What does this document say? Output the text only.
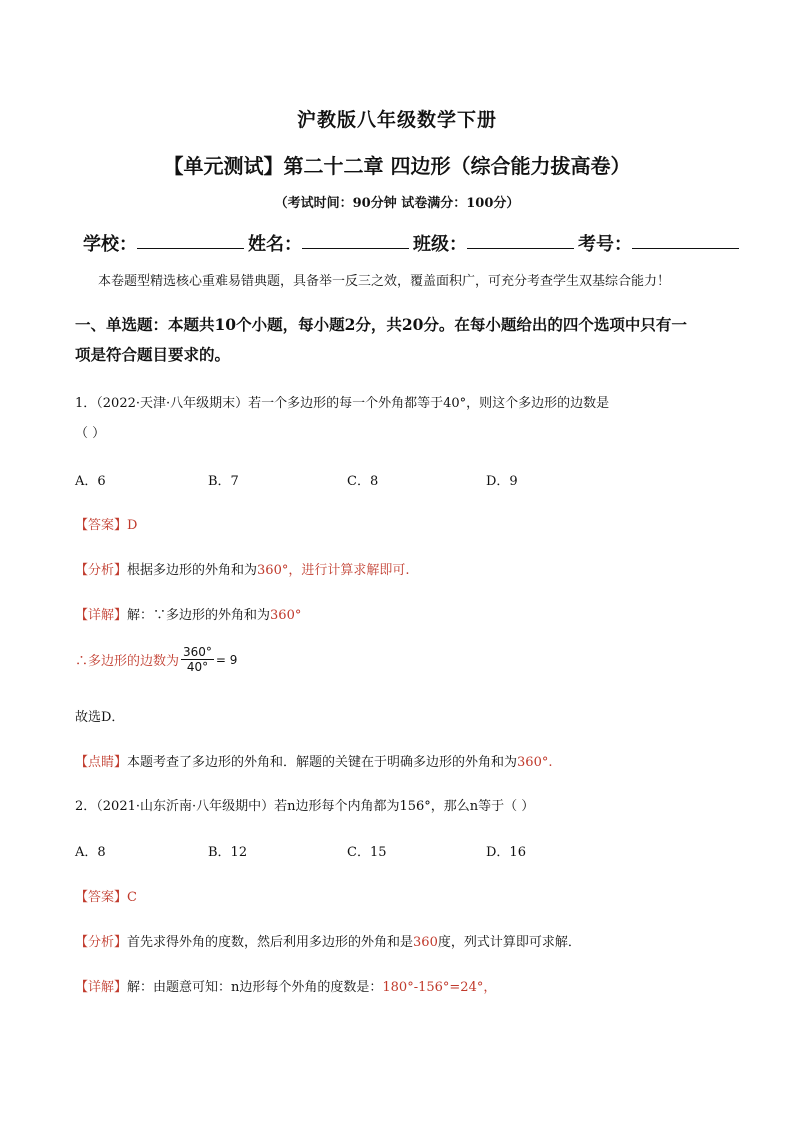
沪教版八年级数学下册
【单元测试】第二十二章 四边形（综合能力拔高卷）
（考试时间：90分钟 试卷满分：100分）
学校：	姓名：	班级：	考号：
本卷题型精选核心重难易错典题，具备举一反三之效，覆盖面积广，可充分考查学生双基综合能力！
一、单选题：本题共10个小题，每小题2分，共20分。在每小题给出的四个选项中只有一
项是符合题目要求的。
1．（2022·天津·八年级期末）若一个多边形的每一个外角都等于40°，则这个多边形的边数是
（ ）
A．6	B．7	C．8	D．9
【答案】D
【分析】根据多边形的外角和为360°，进行计算求解即可.
【详解】解：∵多边形的外角和为360°
∴多边形的边数为 $\frac{360^\circ}{40^\circ} = 9$
故选D．
【点睛】本题考查了多边形的外角和．解题的关键在于明确多边形的外角和为360°.
2．（2021·山东沂南·八年级期中）若n边形每个内角都为156°，那么n等于（ ）
A．8	B．12	C．15	D．16
【答案】C
【分析】首先求得外角的度数，然后利用多边形的外角和是360度，列式计算即可求解．
【详解】解：由题意可知：n边形每个外角的度数是：180°-156°=24°，
